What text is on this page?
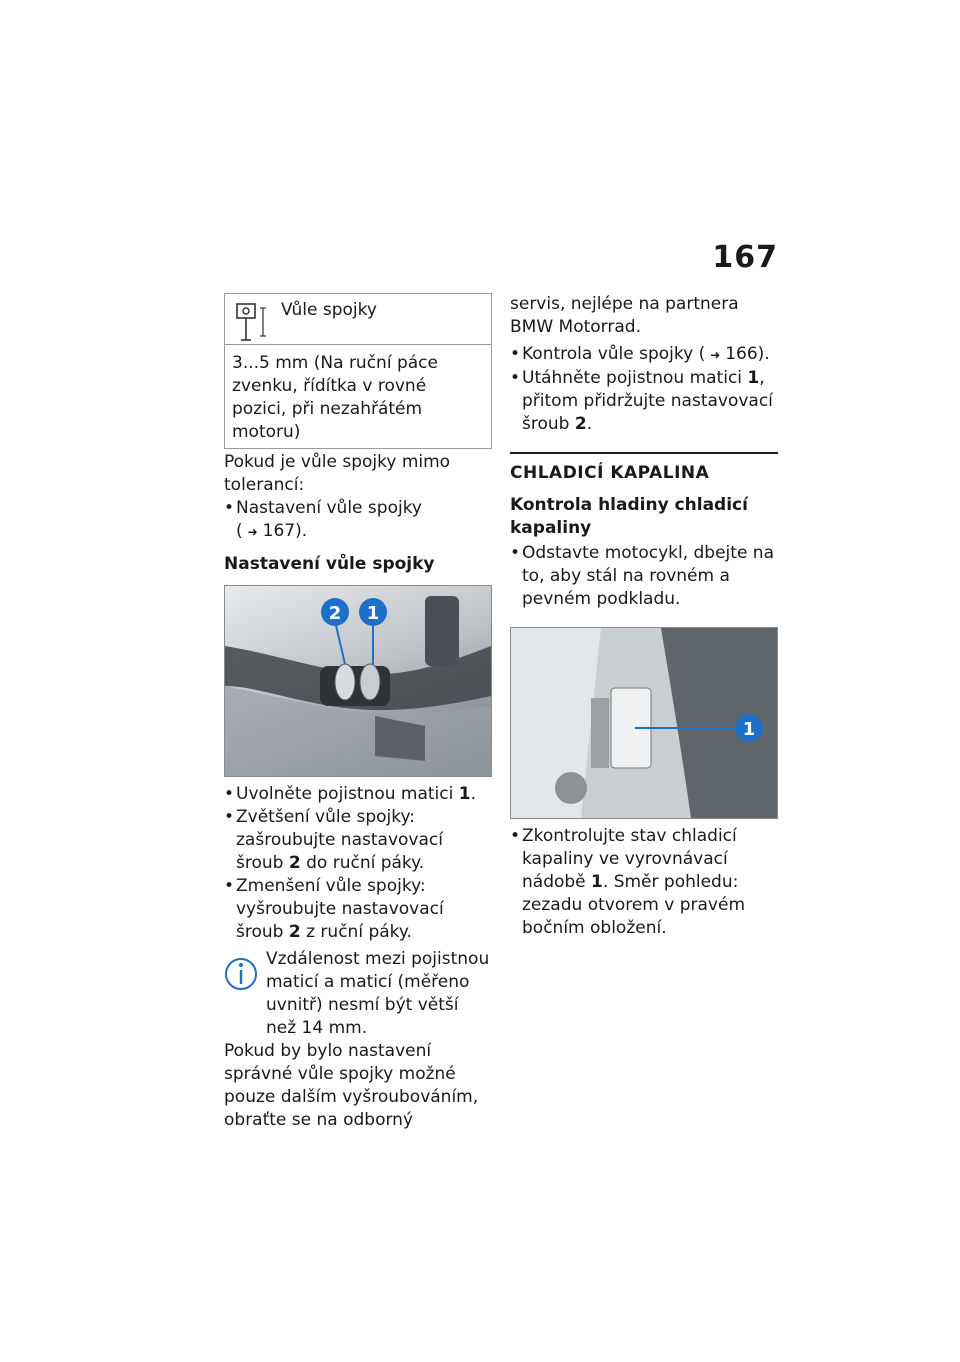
167
Vůle spojky
3...5 mm (Na ruční páce zvenku, řídítka v rovné pozici, při nezahřátém motoru)

Pokud je vůle spojky mimo tolerancí:

• Nastavení vůle spojky
( ➜ 167).

Nastavení vůle spojky

2 1
• Uvolněte pojistnou matici 1.
• Zvětšení vůle spojky: zašroubujte nastavovací šroub 2 do ruční páky.
• Zmenšení vůle spojky: vyšroubujte nastavovací šroub 2 z ruční páky.

Vzdálenost mezi pojistnou maticí a maticí (měřeno uvnitř) nesmí být větší než 14 mm.

Pokud by bylo nastavení správné vůle spojky možné pouze dalším vyšroubováním, obraťte se na odborný

servis, nejlépe na partnera BMW Motorrad.

• Kontrola vůle spojky ( ➜ 166).
• Utáhněte pojistnou matici 1, přitom přidržujte nastavovací šroub 2.

CHLADICÍ KAPALINA

Kontrola hladiny chladicí kapaliny

• Odstavte motocykl, dbejte na to, aby stál na rovném a pevném podkladu.
1
• Zkontrolujte stav chladicí kapaliny ve vyrovnávací nádobě 1. Směr pohledu: zezadu otvorem v pravém bočním obložení.
